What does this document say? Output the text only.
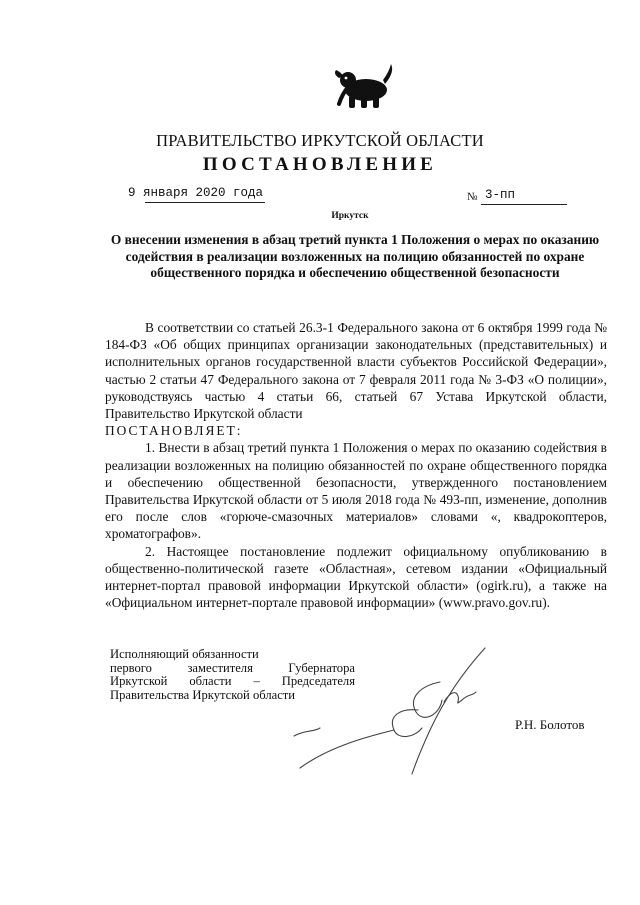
ПРАВИТЕЛЬСТВО ИРКУТСКОЙ ОБЛАСТИ
ПОСТАНОВЛЕНИЕ
9 января 2020 года	№ 3-пп
Иркутск
О внесении изменения в абзац третий пункта 1 Положения о мерах по оказанию содействия в реализации возложенных на полицию обязанностей по охране общественного порядка и обеспечению общественной безопасности

В соответствии со статьей 26.3-1 Федерального закона от 6 октября 1999 года № 184-ФЗ «Об общих принципах организации законодательных (представительных) и исполнительных органов государственной власти субъектов Российской Федерации», частью 2 статьи 47 Федерального закона от 7 февраля 2011 года № 3-ФЗ «О полиции», руководствуясь частью 4 статьи 66, статьей 67 Устава Иркутской области, Правительство Иркутской области

ПОСТАНОВЛЯЕТ:

1. Внести в абзац третий пункта 1 Положения о мерах по оказанию содействия в реализации возложенных на полицию обязанностей по охране общественного порядка и обеспечению общественной безопасности, утвержденного постановлением Правительства Иркутской области от 5 июля 2018 года № 493-пп, изменение, дополнив его после слов «горюче-смазочных материалов» словами «, квадрокоптеров, хроматографов».

2. Настоящее постановление подлежит официальному опубликованию в общественно-политической газете «Областная», сетевом издании «Официальный интернет-портал правовой информации Иркутской области» (ogirk.ru), а также на «Официальном интернет-портале правовой информации» (www.pravo.gov.ru).

Исполняющий обязанности
первого заместителя Губернатора
Иркутской области – Председателя
Правительства Иркутской области
Р.Н. Болотов
